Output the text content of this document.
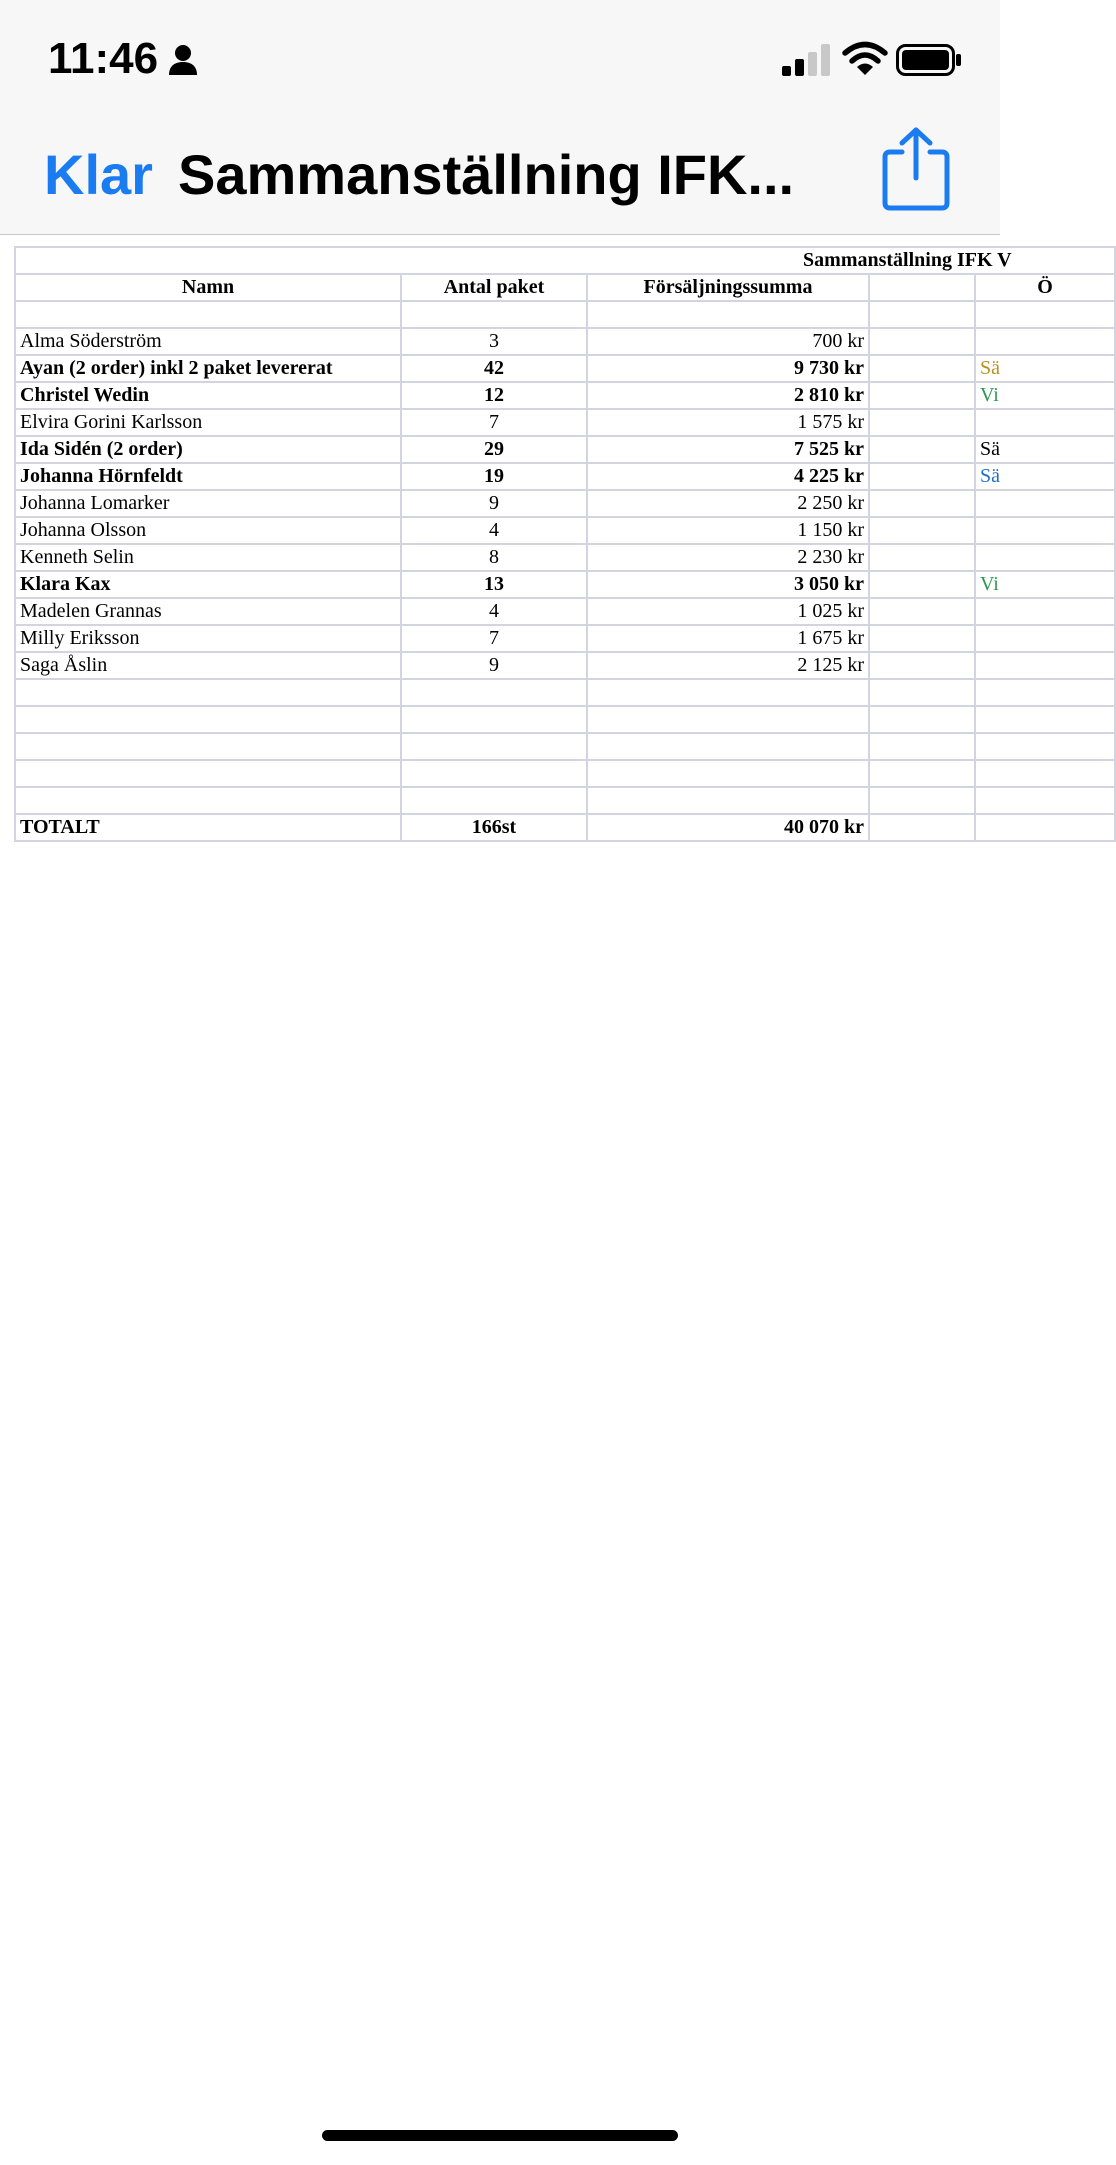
11:46
Klar Sammanställning IFK...
Sammanställning IFK V				
Namn	Antal paket	Försäljningssumma		Ö

Alma Söderström	3	700 kr		
Ayan (2 order) inkl 2 paket levererat	42	9 730 kr		Sä
Christel Wedin	12	2 810 kr		Vi
Elvira Gorini Karlsson	7	1 575 kr		
Ida Sidén (2 order)	29	7 525 kr		Sä
Johanna Hörnfeldt	19	4 225 kr		Sä
Johanna Lomarker	9	2 250 kr		
Johanna Olsson	4	1 150 kr		
Kenneth Selin	8	2 230 kr		
Klara Kax	13	3 050 kr		Vi
Madelen Grannas	4	1 025 kr		
Milly Eriksson	7	1 675 kr		
Saga Åslin	9	2 125 kr		

TOTALT	166st	40 070 kr		
